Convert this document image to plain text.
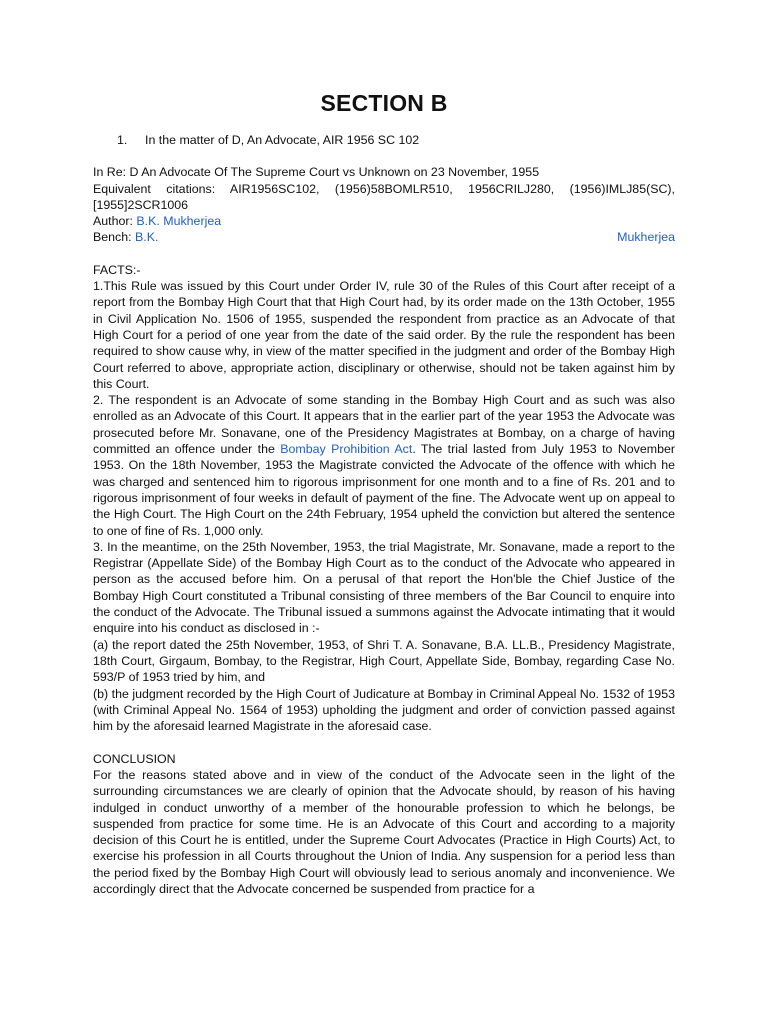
SECTION B
1. In the matter of D, An Advocate, AIR 1956 SC 102
In Re: D An Advocate Of The Supreme Court vs Unknown on 23 November, 1955
Equivalent citations: AIR1956SC102, (1956)58BOMLR510, 1956CRILJ280, (1956)IMLJ85(SC),
[1955]2SCR1006
Author: B.K. Mukherjea
Bench: B.K.	Mukherjea

FACTS:-

1.This Rule was issued by this Court under Order IV, rule 30 of the Rules of this Court after receipt of a report from the Bombay High Court that that High Court had, by its order made on the 13th October, 1955 in Civil Application No. 1506 of 1955, suspended the respondent from practice as an Advocate of that High Court for a period of one year from the date of the said order. By the rule the respondent has been required to show cause why, in view of the matter specified in the judgment and order of the Bombay High Court referred to above, appropriate action, disciplinary or otherwise, should not be taken against him by this Court.

2. The respondent is an Advocate of some standing in the Bombay High Court and as such was also enrolled as an Advocate of this Court. It appears that in the earlier part of the year 1953 the Advocate was prosecuted before Mr. Sonavane, one of the Presidency Magistrates at Bombay, on a charge of having committed an offence under the Bombay Prohibition Act. The trial lasted from July 1953 to November 1953. On the 18th November, 1953 the Magistrate convicted the Advocate of the offence with which he was charged and sentenced him to rigorous imprisonment for one month and to a fine of Rs. 201 and to rigorous imprisonment of four weeks in default of payment of the fine. The Advocate went up on appeal to the High Court. The High Court on the 24th February, 1954 upheld the conviction but altered the sentence to one of fine of Rs. 1,000 only.

3. In the meantime, on the 25th November, 1953, the trial Magistrate, Mr. Sonavane, made a report to the Registrar (Appellate Side) of the Bombay High Court as to the conduct of the Advocate who appeared in person as the accused before him. On a perusal of that report the Hon'ble the Chief Justice of the Bombay High Court constituted a Tribunal consisting of three members of the Bar Council to enquire into the conduct of the Advocate. The Tribunal issued a summons against the Advocate intimating that it would enquire into his conduct as disclosed in :-

(a) the report dated the 25th November, 1953, of Shri T. A. Sonavane, B.A. LL.B., Presidency Magistrate, 18th Court, Girgaum, Bombay, to the Registrar, High Court, Appellate Side, Bombay, regarding Case No. 593/P of 1953 tried by him, and

(b) the judgment recorded by the High Court of Judicature at Bombay in Criminal Appeal No. 1532 of 1953 (with Criminal Appeal No. 1564 of 1953) upholding the judgment and order of conviction passed against him by the aforesaid learned Magistrate in the aforesaid case.

CONCLUSION

For the reasons stated above and in view of the conduct of the Advocate seen in the light of the surrounding circumstances we are clearly of opinion that the Advocate should, by reason of his having indulged in conduct unworthy of a member of the honourable profession to which he belongs, be suspended from practice for some time. He is an Advocate of this Court and according to a majority decision of this Court he is entitled, under the Supreme Court Advocates (Practice in High Courts) Act, to exercise his profession in all Courts throughout the Union of India. Any suspension for a period less than the period fixed by the Bombay High Court will obviously lead to serious anomaly and inconvenience. We accordingly direct that the Advocate concerned be suspended from practice for a
